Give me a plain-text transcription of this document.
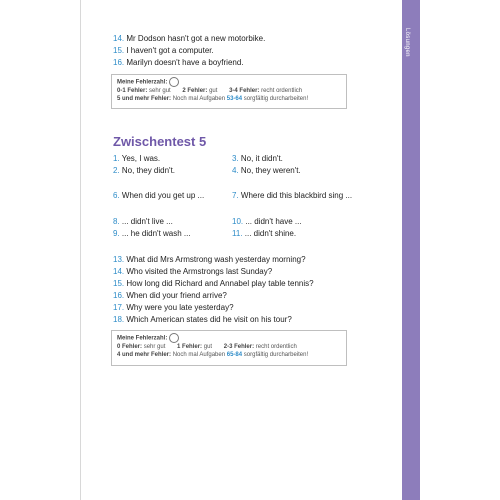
Lösungen
14. Mr Dodson hasn't got a new motorbike.
15. I haven't got a computer.
16. Marilyn doesn't have a boyfriend.
Meine Fehlerzahl:
0-1 Fehler: sehr gut 2 Fehler: gut 3-4 Fehler: recht ordentlich
5 und mehr Fehler: Noch mal Aufgaben 53-64 sorgfältig durcharbeiten!
Zwischentest 5
1. Yes, I was.	3. No, it didn't.
2. No, they didn't.	4. No, they weren't.
6. When did you get up ...	7. Where did this blackbird sing ...
8. ... didn't live ...	10. ... didn't have ...
9. ... he didn't wash ...	11. ... didn't shine.
13. What did Mrs Armstrong wash yesterday morning?
14. Who visited the Armstrongs last Sunday?
15. How long did Richard and Annabel play table tennis?
16. When did your friend arrive?
17. Why were you late yesterday?
18. Which American states did he visit on his tour?
Meine Fehlerzahl:
0 Fehler: sehr gut 1 Fehler: gut 2-3 Fehler: recht ordentlich
4 und mehr Fehler: Noch mal Aufgaben 65-84 sorgfältig durcharbeiten!
